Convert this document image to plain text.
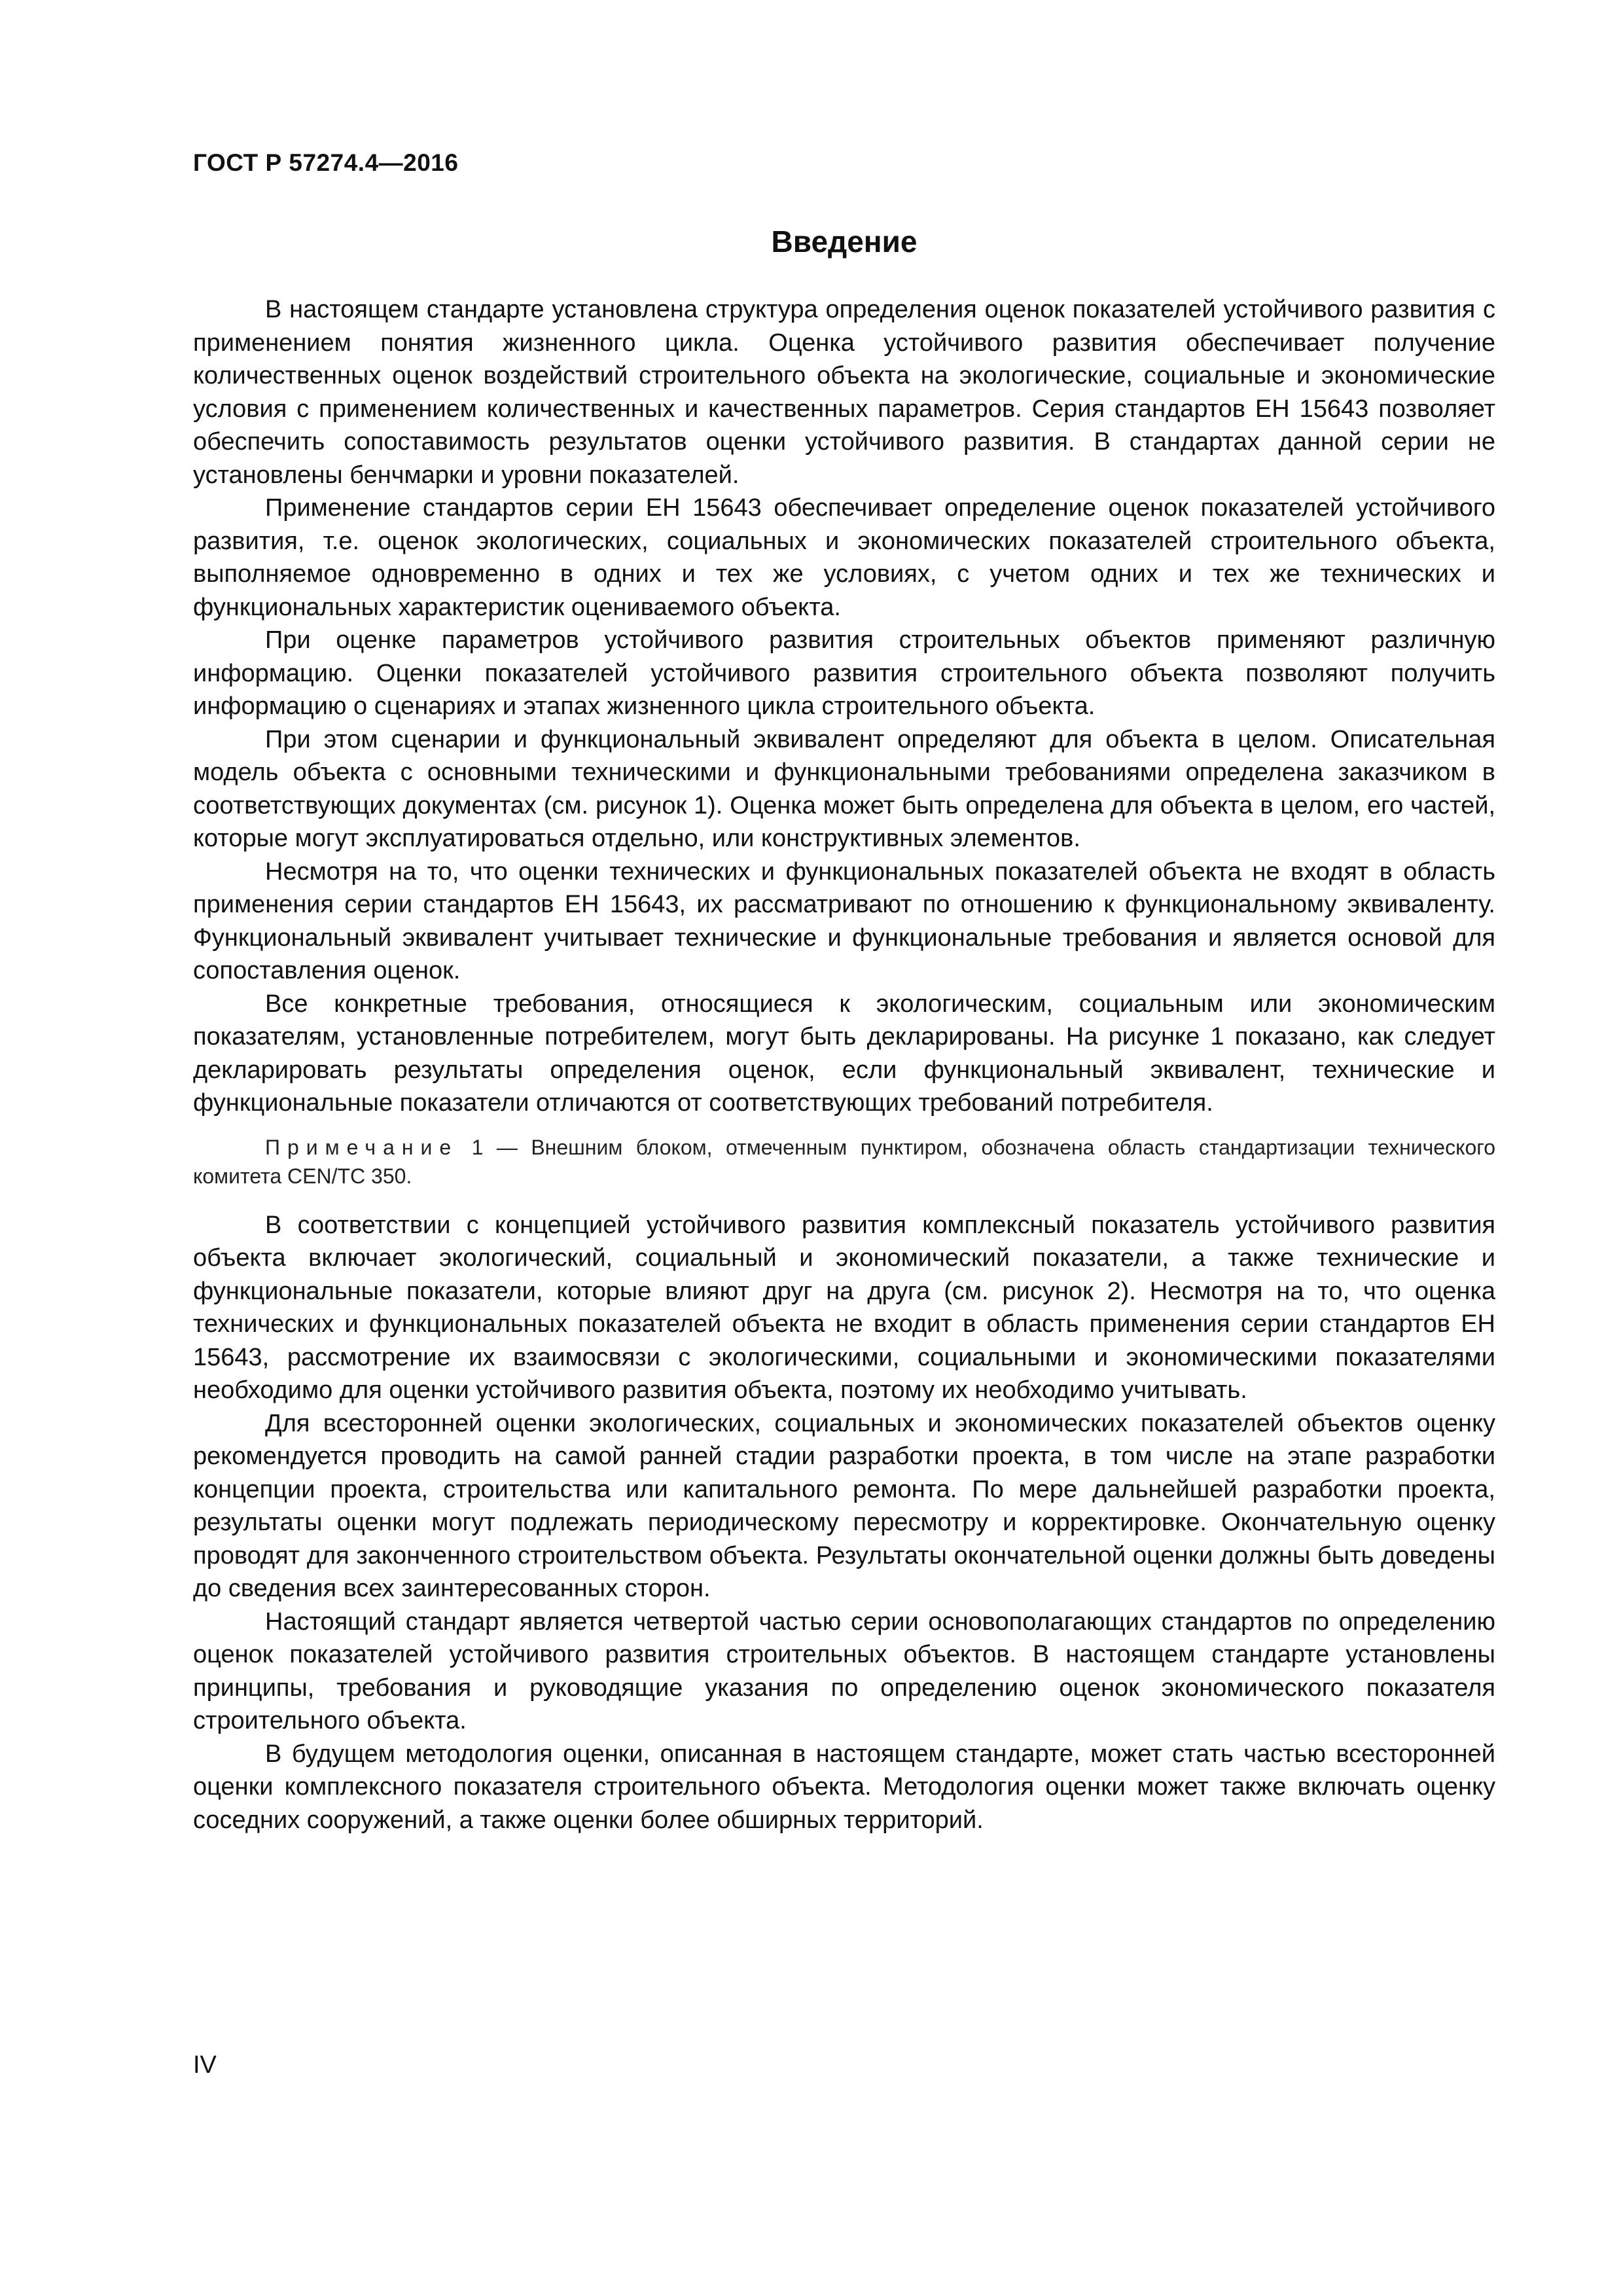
ГОСТ Р 57274.4—2016
Введение

В настоящем стандарте установлена структура определения оценок показателей устойчивого развития с применением понятия жизненного цикла. Оценка устойчивого развития обеспечивает получение количественных оценок воздействий строительного объекта на экологические, социальные и экономические условия с применением количественных и качественных параметров. Серия стандартов ЕН 15643 позволяет обеспечить сопоставимость результатов оценки устойчивого развития. В стандартах данной серии не установлены бенчмарки и уровни показателей.

Применение стандартов серии ЕН 15643 обеспечивает определение оценок показателей устойчивого развития, т.е. оценок экологических, социальных и экономических показателей строительного объекта, выполняемое одновременно в одних и тех же условиях, с учетом одних и тех же технических и функциональных характеристик оцениваемого объекта.

При оценке параметров устойчивого развития строительных объектов применяют различную информацию. Оценки показателей устойчивого развития строительного объекта позволяют получить информацию о сценариях и этапах жизненного цикла строительного объекта.

При этом сценарии и функциональный эквивалент определяют для объекта в целом. Описательная модель объекта с основными техническими и функциональными требованиями определена заказчиком в соответствующих документах (см. рисунок 1). Оценка может быть определена для объекта в целом, его частей, которые могут эксплуатироваться отдельно, или конструктивных элементов.

Несмотря на то, что оценки технических и функциональных показателей объекта не входят в область применения серии стандартов ЕН 15643, их рассматривают по отношению к функциональному эквиваленту. Функциональный эквивалент учитывает технические и функциональные требования и является основой для сопоставления оценок.

Все конкретные требования, относящиеся к экологическим, социальным или экономическим показателям, установленные потребителем, могут быть декларированы. На рисунке 1 показано, как следует декларировать результаты определения оценок, если функциональный эквивалент, технические и функциональные показатели отличаются от соответствующих требований потребителя.

Примечание 1 — Внешним блоком, отмеченным пунктиром, обозначена область стандартизации технического комитета CEN/TC 350.

В соответствии с концепцией устойчивого развития комплексный показатель устойчивого развития объекта включает экологический, социальный и экономический показатели, а также технические и функциональные показатели, которые влияют друг на друга (см. рисунок 2). Несмотря на то, что оценка технических и функциональных показателей объекта не входит в область применения серии стандартов ЕН 15643, рассмотрение их взаимосвязи с экологическими, социальными и экономическими показателями необходимо для оценки устойчивого развития объекта, поэтому их необходимо учитывать.

Для всесторонней оценки экологических, социальных и экономических показателей объектов оценку рекомендуется проводить на самой ранней стадии разработки проекта, в том числе на этапе разработки концепции проекта, строительства или капитального ремонта. По мере дальнейшей разработки проекта, результаты оценки могут подлежать периодическому пересмотру и корректировке. Окончательную оценку проводят для законченного строительством объекта. Результаты окончательной оценки должны быть доведены до сведения всех заинтересованных сторон.

Настоящий стандарт является четвертой частью серии основополагающих стандартов по определению оценок показателей устойчивого развития строительных объектов. В настоящем стандарте установлены принципы, требования и руководящие указания по определению оценок экономического показателя строительного объекта.

В будущем методология оценки, описанная в настоящем стандарте, может стать частью всесторонней оценки комплексного показателя строительного объекта. Методология оценки может также включать оценку соседних сооружений, а также оценки более обширных территорий.

IV
